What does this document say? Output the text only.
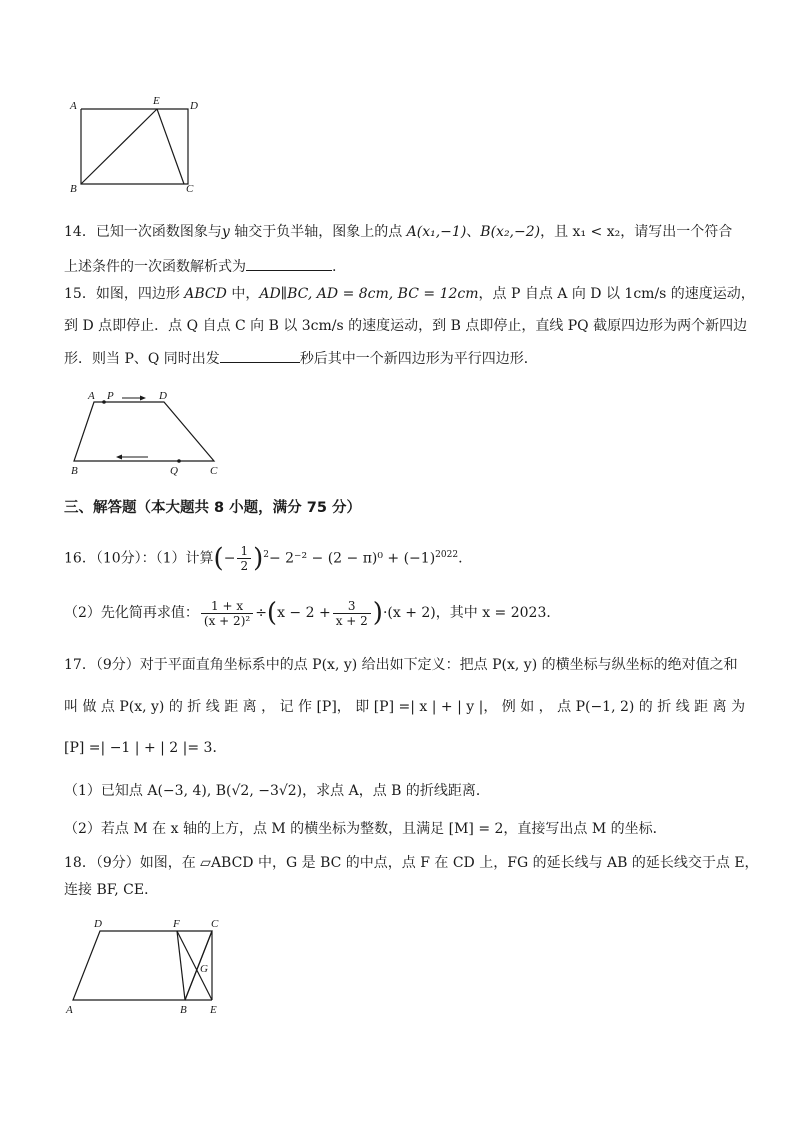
A	E	D
B	C
14．已知一次函数图象与y 轴交于负半轴，图象上的点 A(x₁,−1)、B(x₂,−2)，且 x₁ < x₂，请写出一个符合
上述条件的一次函数解析式为	.
15．如图，四边形 ABCD 中，AD∥BC, AD = 8cm, BC = 12cm，点 P 自点 A 向 D 以 1cm/s 的速度运动，
到 D 点即停止．点 Q 自点 C 向 B 以 3cm/s 的速度运动，到 B 点即停止，直线 PQ 截原四边形为两个新四边
形．则当 P、Q 同时出发	秒后其中一个新四边形为平行四边形．
A P	D
B	Q	C
三、解答题（本大题共 8 小题，满分 75 分）
16．（10分）：（1）计算(− $\frac{1}{2} )^2- 2^{-2} - (2 - \pi)^0 + (-1)^{2022}$.
（2）先化简再求值： $\frac{1 + x}{\text{(x + 2)²}} \div(x - 2 + \frac{3}{x + 2} )\cdot(x + 2)$，其中 x = 2023．
17．（9分）对于平面直角坐标系中的点 P(x, y) 给出如下定义：把点 P(x, y) 的横坐标与纵坐标的绝对值之和
叫 做 点 P(x, y) 的 折 线 距 离 ， 记 作 [P]， 即 [P] =| x | + | y |， 例 如 ， 点 P(−1, 2) 的 折 线 距 离 为
[P] =| −1 | + | 2 |= 3．
（1）已知点 A(−3, 4), B(√2, −3√2)，求点 A，点 B 的折线距离．
（2）若点 M 在 x 轴的上方，点 M 的横坐标为整数，且满足 [M] = 2，直接写出点 M 的坐标．
18．（9分）如图，在 ▱ABCD 中，G 是 BC 的中点，点 F 在 CD 上，FG 的延长线与 AB 的延长线交于点 E，
连接 BF, CE．
D	F	C
G
A	B E
